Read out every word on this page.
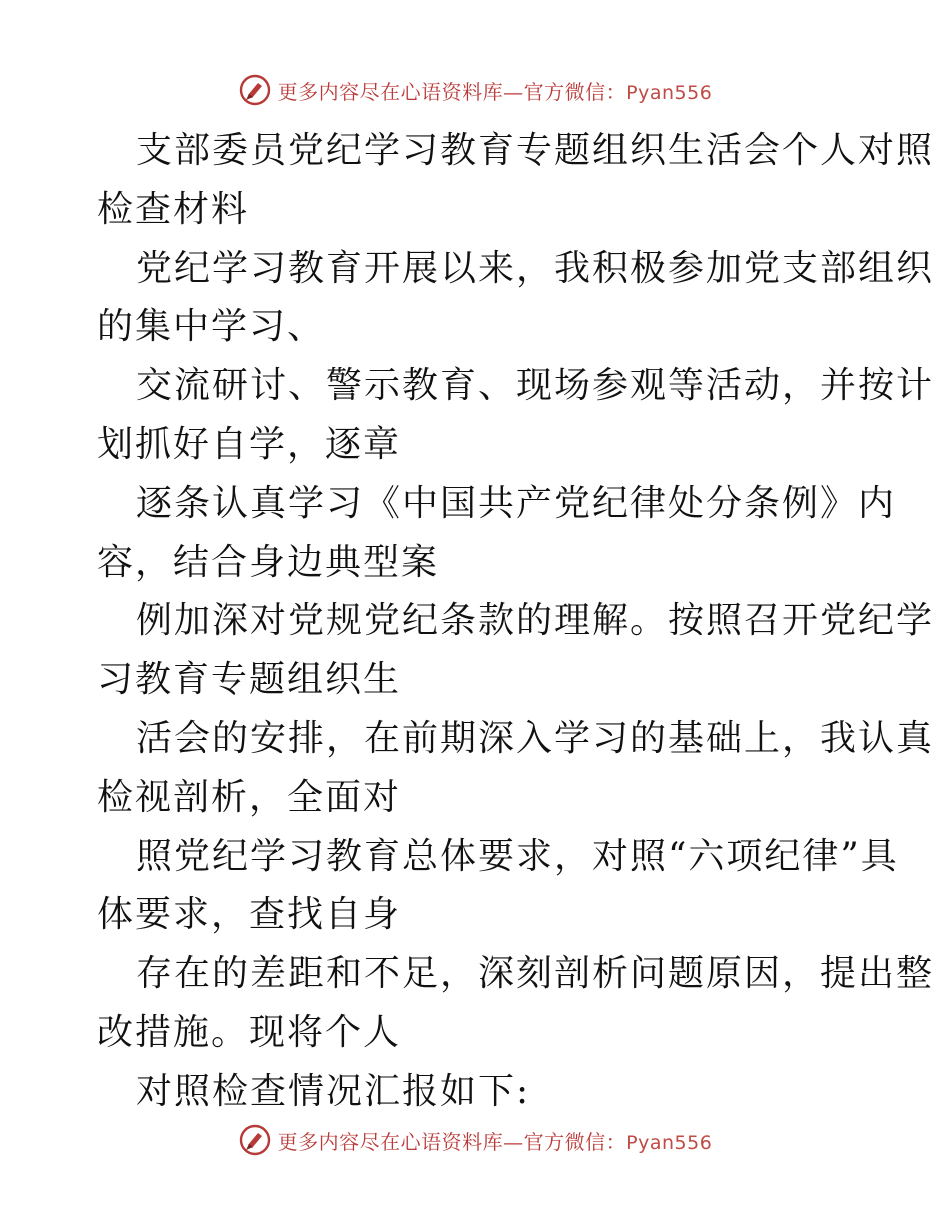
更多内容尽在心语资料库—官方微信：Pyan556
支部委员党纪学习教育专题组织生活会个人对照
检查材料
党纪学习教育开展以来，我积极参加党支部组织
的集中学习、
交流研讨、警示教育、现场参观等活动，并按计
划抓好自学，逐章
逐条认真学习《中国共产党纪律处分条例》内
容，结合身边典型案
例加深对党规党纪条款的理解。按照召开党纪学
习教育专题组织生
活会的安排，在前期深入学习的基础上，我认真
检视剖析，全面对
照党纪学习教育总体要求，对照“六项纪律”具
体要求，查找自身
存在的差距和不足，深刻剖析问题原因，提出整
改措施。现将个人
对照检查情况汇报如下:
更多内容尽在心语资料库—官方微信：Pyan556
